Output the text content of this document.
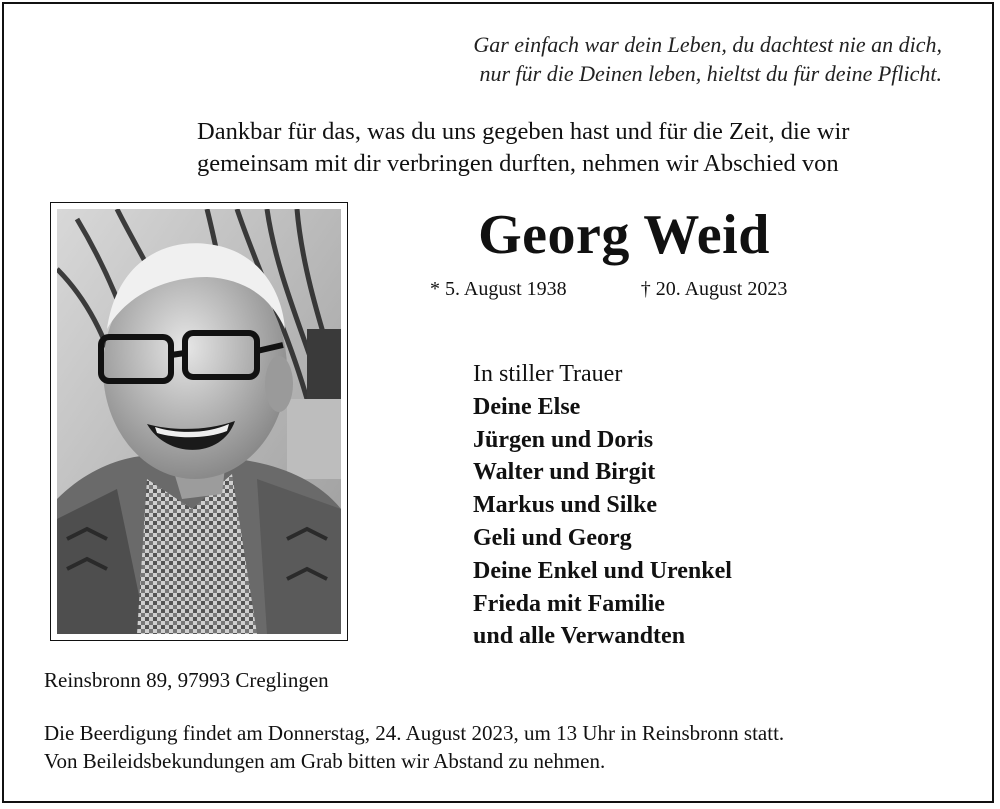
Gar einfach war dein Leben, du dachtest nie an dich,
nur für die Deinen leben, hieltst du für deine Pflicht.
Dankbar für das, was du uns gegeben hast und für die Zeit, die wir
gemeinsam mit dir verbringen durften, nehmen wir Abschied von
Georg Weid
* 5. August 1938	† 20. August 2023
In stiller Trauer
Deine Else
Jürgen und Doris
Walter und Birgit
Markus und Silke
Geli und Georg
Deine Enkel und Urenkel
Frieda mit Familie
und alle Verwandten
Reinsbronn 89, 97993 Creglingen
Die Beerdigung findet am Donnerstag, 24. August 2023, um 13 Uhr in Reinsbronn statt.
Von Beileidsbekundungen am Grab bitten wir Abstand zu nehmen.
